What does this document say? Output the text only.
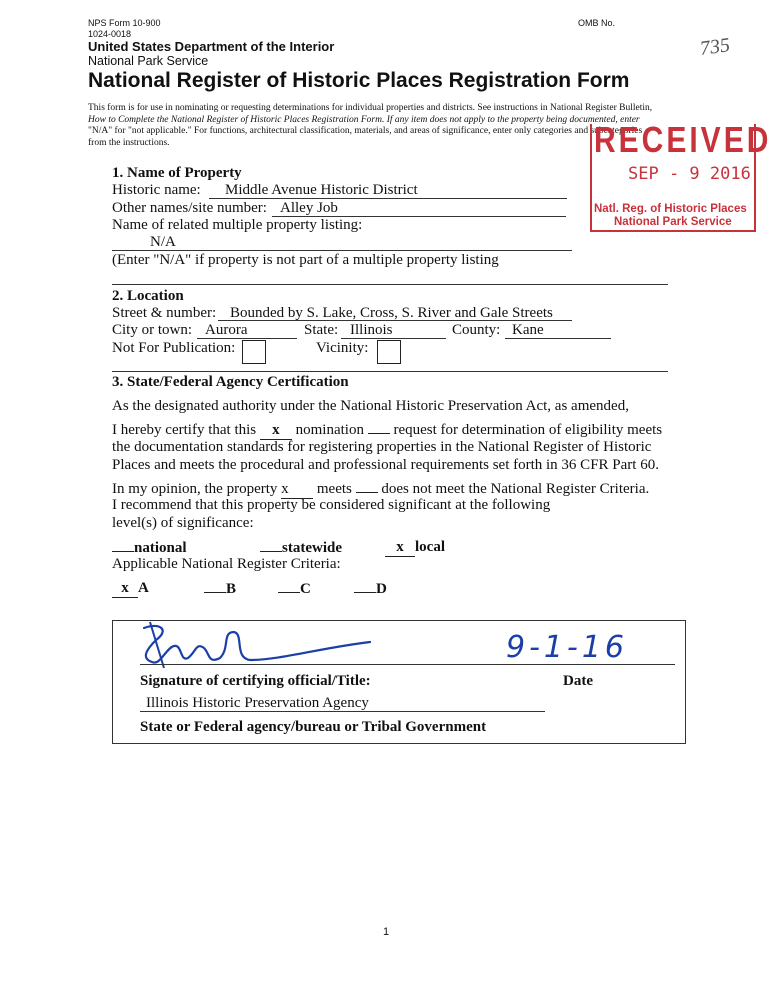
NPS Form 10-900
1024-0018
OMB No.
United States Department of the Interior
National Park Service
National Register of Historic Places Registration Form
735
This form is for use in nominating or requesting determinations for individual properties and districts. See instructions in National Register Bulletin,
How to Complete the National Register of Historic Places Registration Form. If any item does not apply to the property being documented, enter
"N/A" for "not applicable." For functions, architectural classification, materials, and areas of significance, enter only categories and subcategories
from the instructions.	RECEIVED
SEP - 9 2016
Natl. Reg. of Historic Places
National Park Service
1. Name of Property
Historic name: Middle Avenue Historic District
Other names/site number: Alley Job
Name of related multiple property listing:
N/A
(Enter "N/A" if property is not part of a multiple property listing
2. Location
Street & number: Bounded by S. Lake, Cross, S. River and Gale Streets
City or town: Aurora	State: Illinois	County: Kane
Not For Publication:	Vicinity:
3. State/Federal Agency Certification
As the designated authority under the National Historic Preservation Act, as amended,
I hereby certify that this x nomination request for determination of eligibility meets
the documentation standards for registering properties in the National Register of Historic
Places and meets the procedural and professional requirements set forth in 36 CFR Part 60.
In my opinion, the property x meets does not meet the National Register Criteria.
I recommend that this property be considered significant at the following
level(s) of significance:
national	statewide	x local
Applicable National Register Criteria:
x A	B	C	D
9-1-16
Signature of certifying official/Title:	Date
Illinois Historic Preservation Agency
State or Federal agency/bureau or Tribal Government
1
